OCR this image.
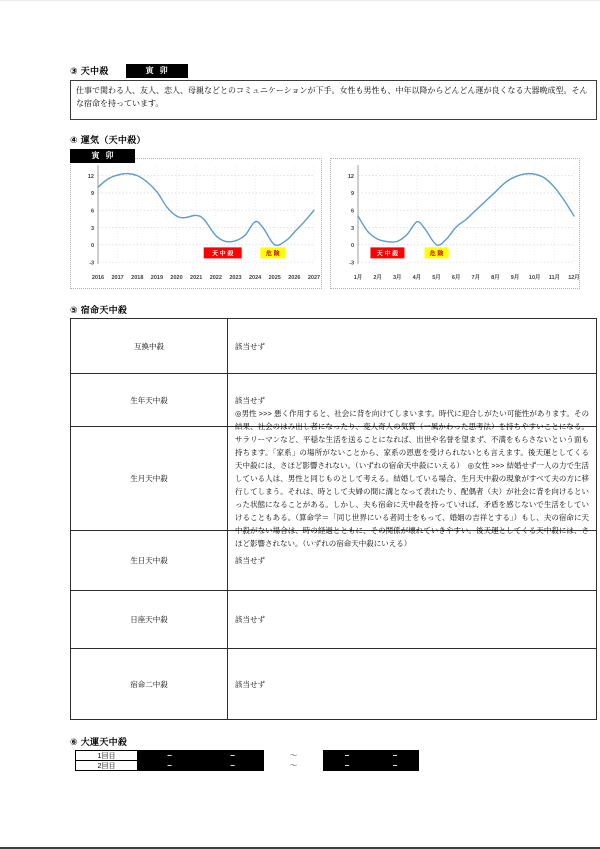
③ 天中殺	寅卯
仕事で関わる人、友人、恋人、母親などとのコミュニケーションが下手。女性も男性も、中年以降からどんどん運が良くなる大器晩成型。そんな宿命を持っています。
④ 運気（天中殺）
寅卯
2016 2017 2018 2019 2020 2021 2022 2023 2024 2025 2026 2027
-3
0
3
6
9
12
天 中 殺	危 険
1月 2月 3月 4月 5月 6月 7月 8月 9月 10月 11月 12月
-3
0
3
6
9
12
天 中 殺	危 険
⑤ 宿命天中殺
互換中殺	該当せず
生年天中殺	該当せず
生月天中殺
◎男性 >>> 悪く作用すると、社会に背を向けてしまいます。時代に迎合しがたい可能性があります。その結果、社会のはみ出し者になったり、変人奇人の気質（一風かわった思考法）を持ちやすいことになる。サラリーマンなど、平穏な生活を送ることになれば、出世や名誉を望まず、不満をもらさないという面も持ちます。「家系」の場所がないことから、家系の恩恵を受けられないとも言えます。後天運としてくる天中殺には、さほど影響されない。（いずれの宿命天中殺にいえる）　◎女性 >>> 結婚せず一人の力で生活している人は、男性と同じものとして考える。結婚している場合、生月天中殺の現象がすべて夫の方に移行してしまう。それは、時として夫婦の間に溝となって表れたり、配偶者（夫）が社会に背を向けるといった状態になることがある。しかし、夫も宿命に天中殺を持っていれば、矛盾を感じないで生活をしていけることもある。（算命学＝「同じ世界にいる者同士をもって、婚姻の吉祥とする」）もし、夫の宿命に天中殺がない場合は、時の経過とともに、その関係が壊れていきやすい。後天運としてくる天中殺には、さほど影響されない。（いずれの宿命天中殺にいえる）
生日天中殺	該当せず
日座天中殺	該当せず
宿命二中殺	該当せず
⑥ 大運天中殺
1回目	−	−	～	−	−
2回目	−	−	～	−	−
